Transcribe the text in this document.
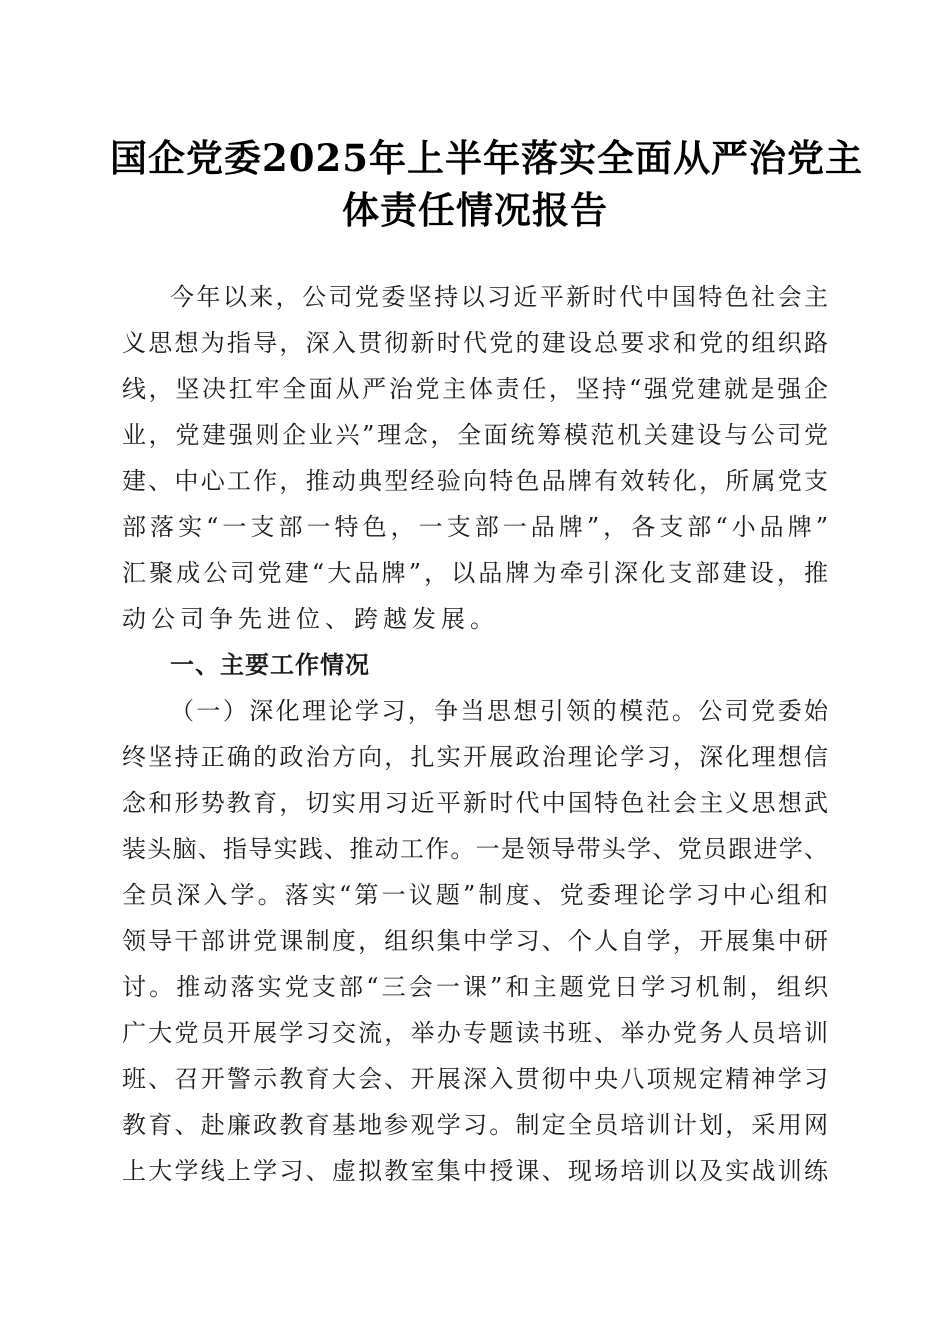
国企党委2025年上半年落实全面从严治党主
体责任情况报告
今年以来，公司党委坚持以习近平新时代中国特色社会主
义思想为指导，深入贯彻新时代党的建设总要求和党的组织路
线，坚决扛牢全面从严治党主体责任，坚持“强党建就是强企
业，党建强则企业兴”理念，全面统筹模范机关建设与公司党
建、中心工作，推动典型经验向特色品牌有效转化，所属党支
部落实“一支部一特色，一支部一品牌”，各支部“小品牌”
汇聚成公司党建“大品牌”，以品牌为牵引深化支部建设，推
动公司争先进位、跨越发展。
一、主要工作情况
（一）深化理论学习，争当思想引领的模范。公司党委始
终坚持正确的政治方向，扎实开展政治理论学习，深化理想信
念和形势教育，切实用习近平新时代中国特色社会主义思想武
装头脑、指导实践、推动工作。一是领导带头学、党员跟进学、
全员深入学。落实“第一议题”制度、党委理论学习中心组和
领导干部讲党课制度，组织集中学习、个人自学，开展集中研
讨。推动落实党支部“三会一课”和主题党日学习机制，组织
广大党员开展学习交流，举办专题读书班、举办党务人员培训
班、召开警示教育大会、开展深入贯彻中央八项规定精神学习
教育、赴廉政教育基地参观学习。制定全员培训计划，采用网
上大学线上学习、虚拟教室集中授课、现场培训以及实战训练
